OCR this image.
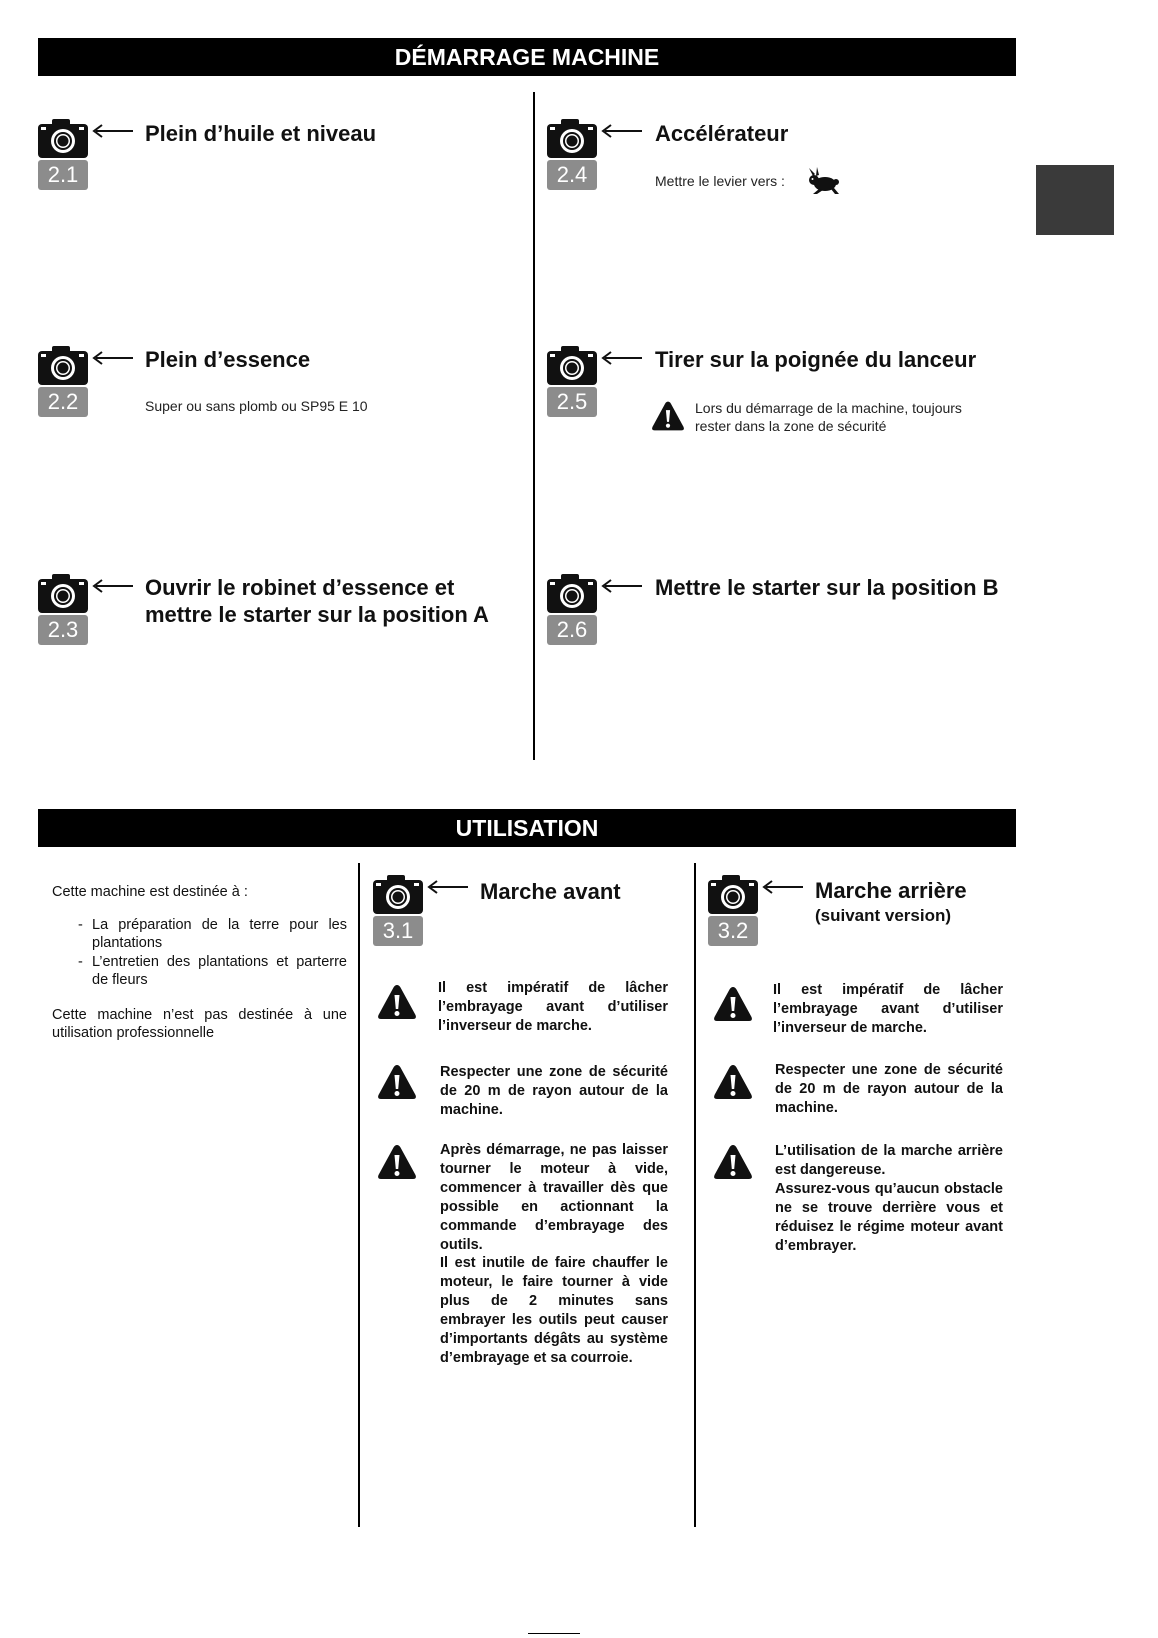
DÉMARRAGE MACHINE
2.1
Plein d’huile et niveau
2.2
Plein d’essence
Super ou sans plomb ou SP95 E 10
2.3
Ouvrir le robinet d’essence et
mettre le starter sur la position A
2.4
Accélérateur
Mettre le levier vers :
2.5
Tirer sur la poignée du lanceur
Lors du démarrage de la machine, toujours
rester dans la zone de sécurité
2.6
Mettre le starter sur la position B
UTILISATION

Cette machine est destinée à :

- La préparation de la terre pour les plantations
- L’entretien des plantations et parterre de fleurs

Cette machine n’est pas destinée à une utilisation professionnelle

3.1
Marche avant
Il est impératif de lâcher l’embrayage avant d’utiliser l’inverseur de marche.
Respecter une zone de sécurité de 20 m de rayon autour de la machine.
Après démarrage, ne pas laisser tourner le moteur à vide, commencer à travailler dès que possible en actionnant la commande d’embrayage des outils.
Il est inutile de faire chauffer le moteur, le faire tourner à vide plus de 2 minutes sans embrayer les outils peut causer d’importants dégâts au système d’embrayage et sa courroie.
3.2
Marche arrière
(suivant version)
Il est impératif de lâcher l’embrayage avant d’utiliser l’inverseur de marche.
Respecter une zone de sécurité de 20 m de rayon autour de la machine.
L’utilisation de la marche arrière est dangereuse.
Assurez-vous qu’aucun obstacle ne se trouve derrière vous et réduisez le régime moteur avant d’embrayer.
